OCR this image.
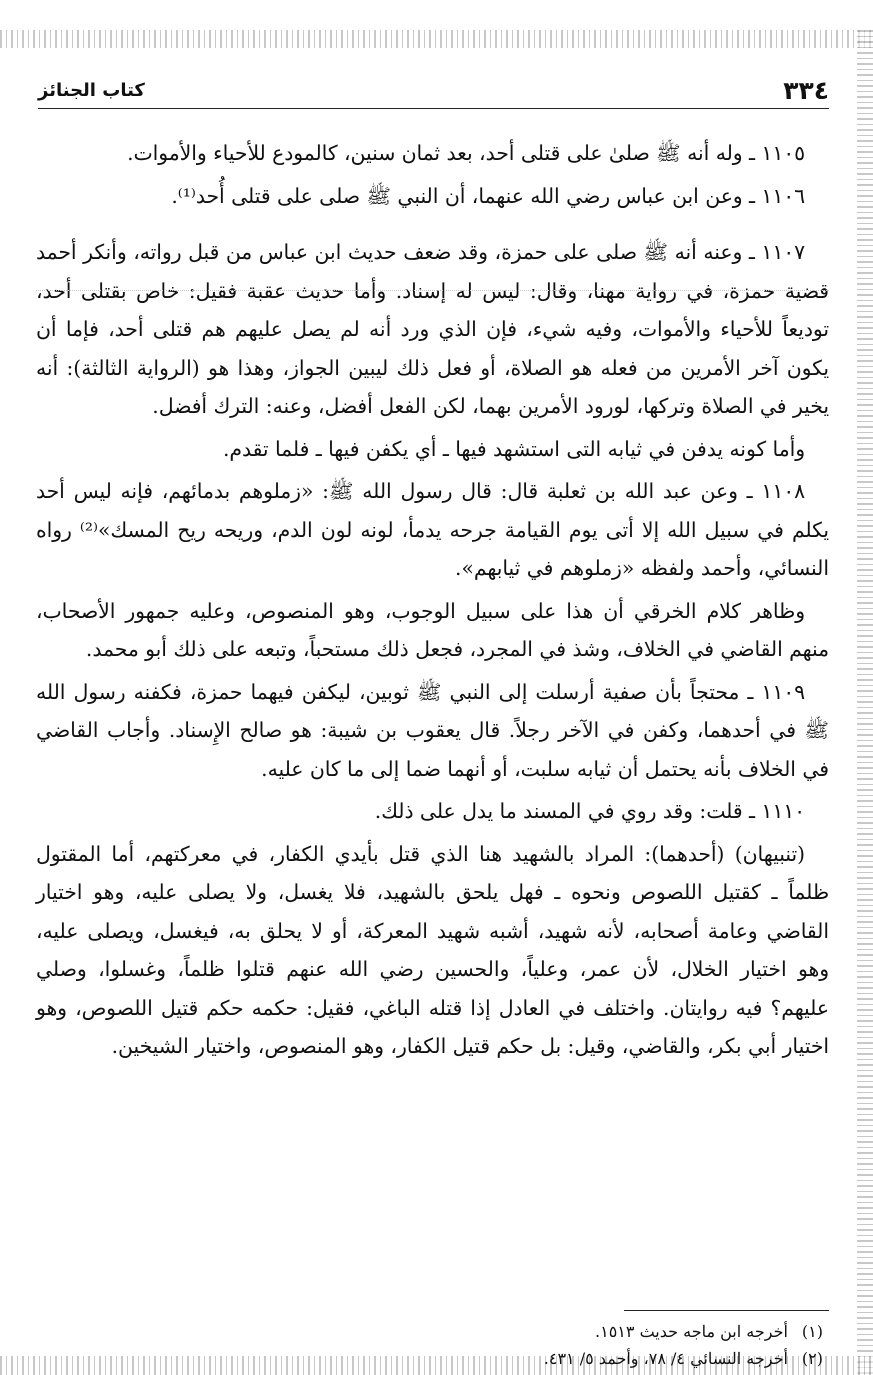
٣٣٤
كتاب الجنائز

١١٠٥ ـ وله أنه ﷺ صلىٰ على قتلى أحد، بعد ثمان سنين، كالمودع للأحياء والأموات.

١١٠٦ ـ وعن ابن عباس رضي الله عنهما، أن النبي ﷺ صلى على قتلى أُحد⁽¹⁾.

١١٠٧ ـ وعنه أنه ﷺ صلى على حمزة، وقد ضعف حديث ابن عباس من قبل رواته، وأنكر أحمد قضية حمزة، في رواية مهنا، وقال: ليس له إسناد. وأما حديث عقبة فقيل: خاص بقتلى أحد، توديعاً للأحياء والأموات، وفيه شيء، فإن الذي ورد أنه لم يصل عليهم هم قتلى أحد، فإما أن يكون آخر الأمرين من فعله هو الصلاة، أو فعل ذلك ليبين الجواز، وهذا هو (الرواية الثالثة): أنه يخير في الصلاة وتركها، لورود الأمرين بهما، لكن الفعل أفضل، وعنه: الترك أفضل.

وأما كونه يدفن في ثيابه التى استشهد فيها ـ أي يكفن فيها ـ فلما تقدم.

١١٠٨ ـ وعن عبد الله بن ثعلبة قال: قال رسول الله ﷺ: «زملوهم بدمائهم، فإنه ليس أحد يكلم في سبيل الله إلا أتى يوم القيامة جرحه يدمأ، لونه لون الدم، وريحه ريح المسك»⁽²⁾ رواه النسائي، وأحمد ولفظه «زملوهم في ثيابهم».

وظاهر كلام الخرقي أن هذا على سبيل الوجوب، وهو المنصوص، وعليه جمهور الأصحاب، منهم القاضي في الخلاف، وشذ في المجرد، فجعل ذلك مستحباً، وتبعه على ذلك أبو محمد.

١١٠٩ ـ محتجاً بأن صفية أرسلت إلى النبي ﷺ ثوبين، ليكفن فيهما حمزة، فكفنه رسول الله ﷺ في أحدهما، وكفن في الآخر رجلاً. قال يعقوب بن شيبة: هو صالح الإِسناد. وأجاب القاضي في الخلاف بأنه يحتمل أن ثيابه سلبت، أو أنهما ضما إلى ما كان عليه.

١١١٠ ـ قلت: وقد روي في المسند ما يدل على ذلك.

(تنبيهان) (أحدهما): المراد بالشهيد هنا الذي قتل بأيدي الكفار، في معركتهم، أما المقتول ظلماً ـ كقتيل اللصوص ونحوه ـ فهل يلحق بالشهيد، فلا يغسل، ولا يصلى عليه، وهو اختيار القاضي وعامة أصحابه، لأنه شهيد، أشبه شهيد المعركة، أو لا يحلق به، فيغسل، ويصلى عليه، وهو اختيار الخلال، لأن عمر، وعلياً، والحسين رضي الله عنهم قتلوا ظلماً، وغسلوا، وصلي عليهم؟ فيه روايتان. واختلف في العادل إذا قتله الباغي، فقيل: حكمه حكم قتيل اللصوص، وهو اختيار أبي بكر، والقاضي، وقيل: بل حكم قتيل الكفار، وهو المنصوص، واختيار الشيخين.

(١)أخرجه ابن ماجه حديث ١٥١٣.

(٢)أخرجه النسائي ٤/ ٧٨، وأحمد ٥/ ٤٣١.
